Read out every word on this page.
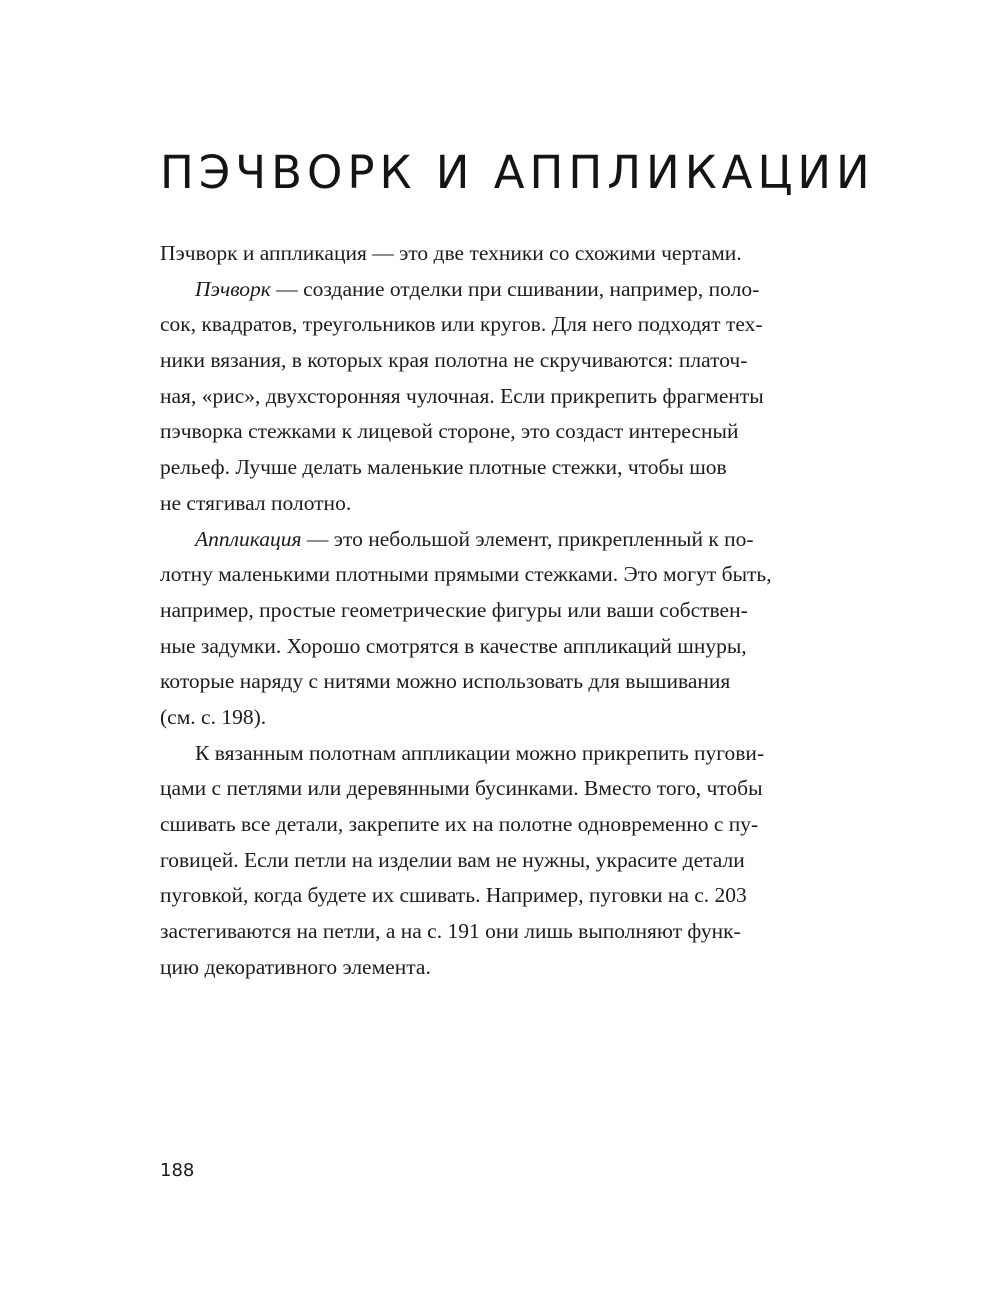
ПЭЧВОРК И АППЛИКАЦИИ
Пэчворк и аппликация — это две техники со схожими чертами.
Пэчворк — создание отделки при сшивании, например, поло-
сок, квадратов, треугольников или кругов. Для него подходят тех-
ники вязания, в которых края полотна не скручиваются: платоч-
ная, «рис», двухсторонняя чулочная. Если прикрепить фрагменты
пэчворка стежками к лицевой стороне, это создаст интересный
рельеф. Лучше делать маленькие плотные стежки, чтобы шов
не стягивал полотно.
Аппликация — это небольшой элемент, прикрепленный к по-
лотну маленькими плотными прямыми стежками. Это могут быть,
например, простые геометрические фигуры или ваши собствен-
ные задумки. Хорошо смотрятся в качестве аппликаций шнуры,
которые наряду с нитями можно использовать для вышивания
(см. с. 198).
К вязанным полотнам аппликации можно прикрепить пугови-
цами с петлями или деревянными бусинками. Вместо того, чтобы
сшивать все детали, закрепите их на полотне одновременно с пу-
говицей. Если петли на изделии вам не нужны, украсите детали
пуговкой, когда будете их сшивать. Например, пуговки на с. 203
застегиваются на петли, а на с. 191 они лишь выполняют функ-
цию декоративного элемента.
188
